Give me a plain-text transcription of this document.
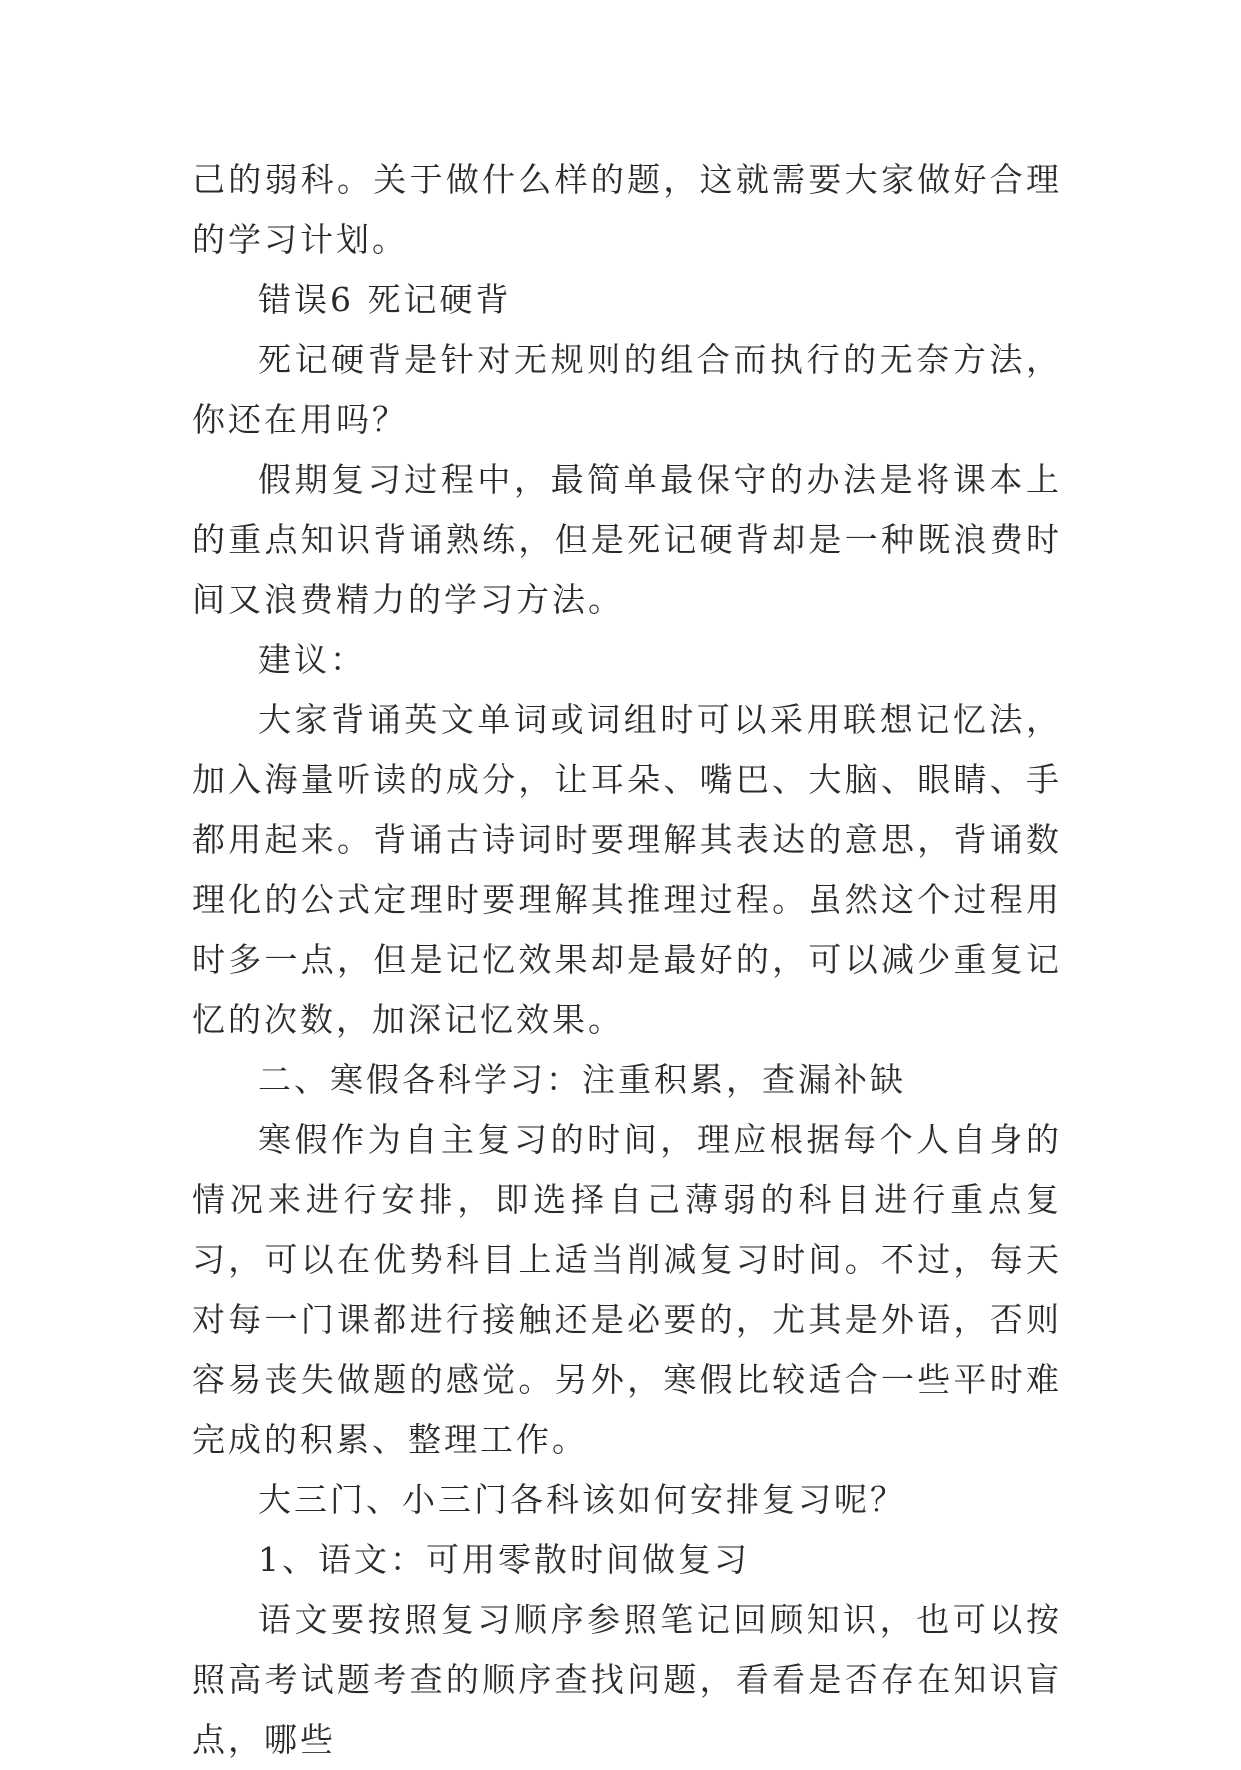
己的弱科。关于做什么样的题，这就需要大家做好合理的学习计划。

错误6 死记硬背

死记硬背是针对无规则的组合而执行的无奈方法，你还在用吗？

假期复习过程中，最简单最保守的办法是将课本上的重点知识背诵熟练，但是死记硬背却是一种既浪费时间又浪费精力的学习方法。

建议：

大家背诵英文单词或词组时可以采用联想记忆法，加入海量听读的成分，让耳朵、嘴巴、大脑、眼睛、手都用起来。背诵古诗词时要理解其表达的意思，背诵数理化的公式定理时要理解其推理过程。虽然这个过程用时多一点，但是记忆效果却是最好的，可以减少重复记忆的次数，加深记忆效果。

二、寒假各科学习：注重积累，查漏补缺

寒假作为自主复习的时间，理应根据每个人自身的情况来进行安排，即选择自己薄弱的科目进行重点复习，可以在优势科目上适当削减复习时间。不过，每天对每一门课都进行接触还是必要的，尤其是外语，否则容易丧失做题的感觉。另外，寒假比较适合一些平时难完成的积累、整理工作。

大三门、小三门各科该如何安排复习呢？

1、语文：可用零散时间做复习

语文要按照复习顺序参照笔记回顾知识，也可以按照高考试题考查的顺序查找问题，看看是否存在知识盲点，哪些
